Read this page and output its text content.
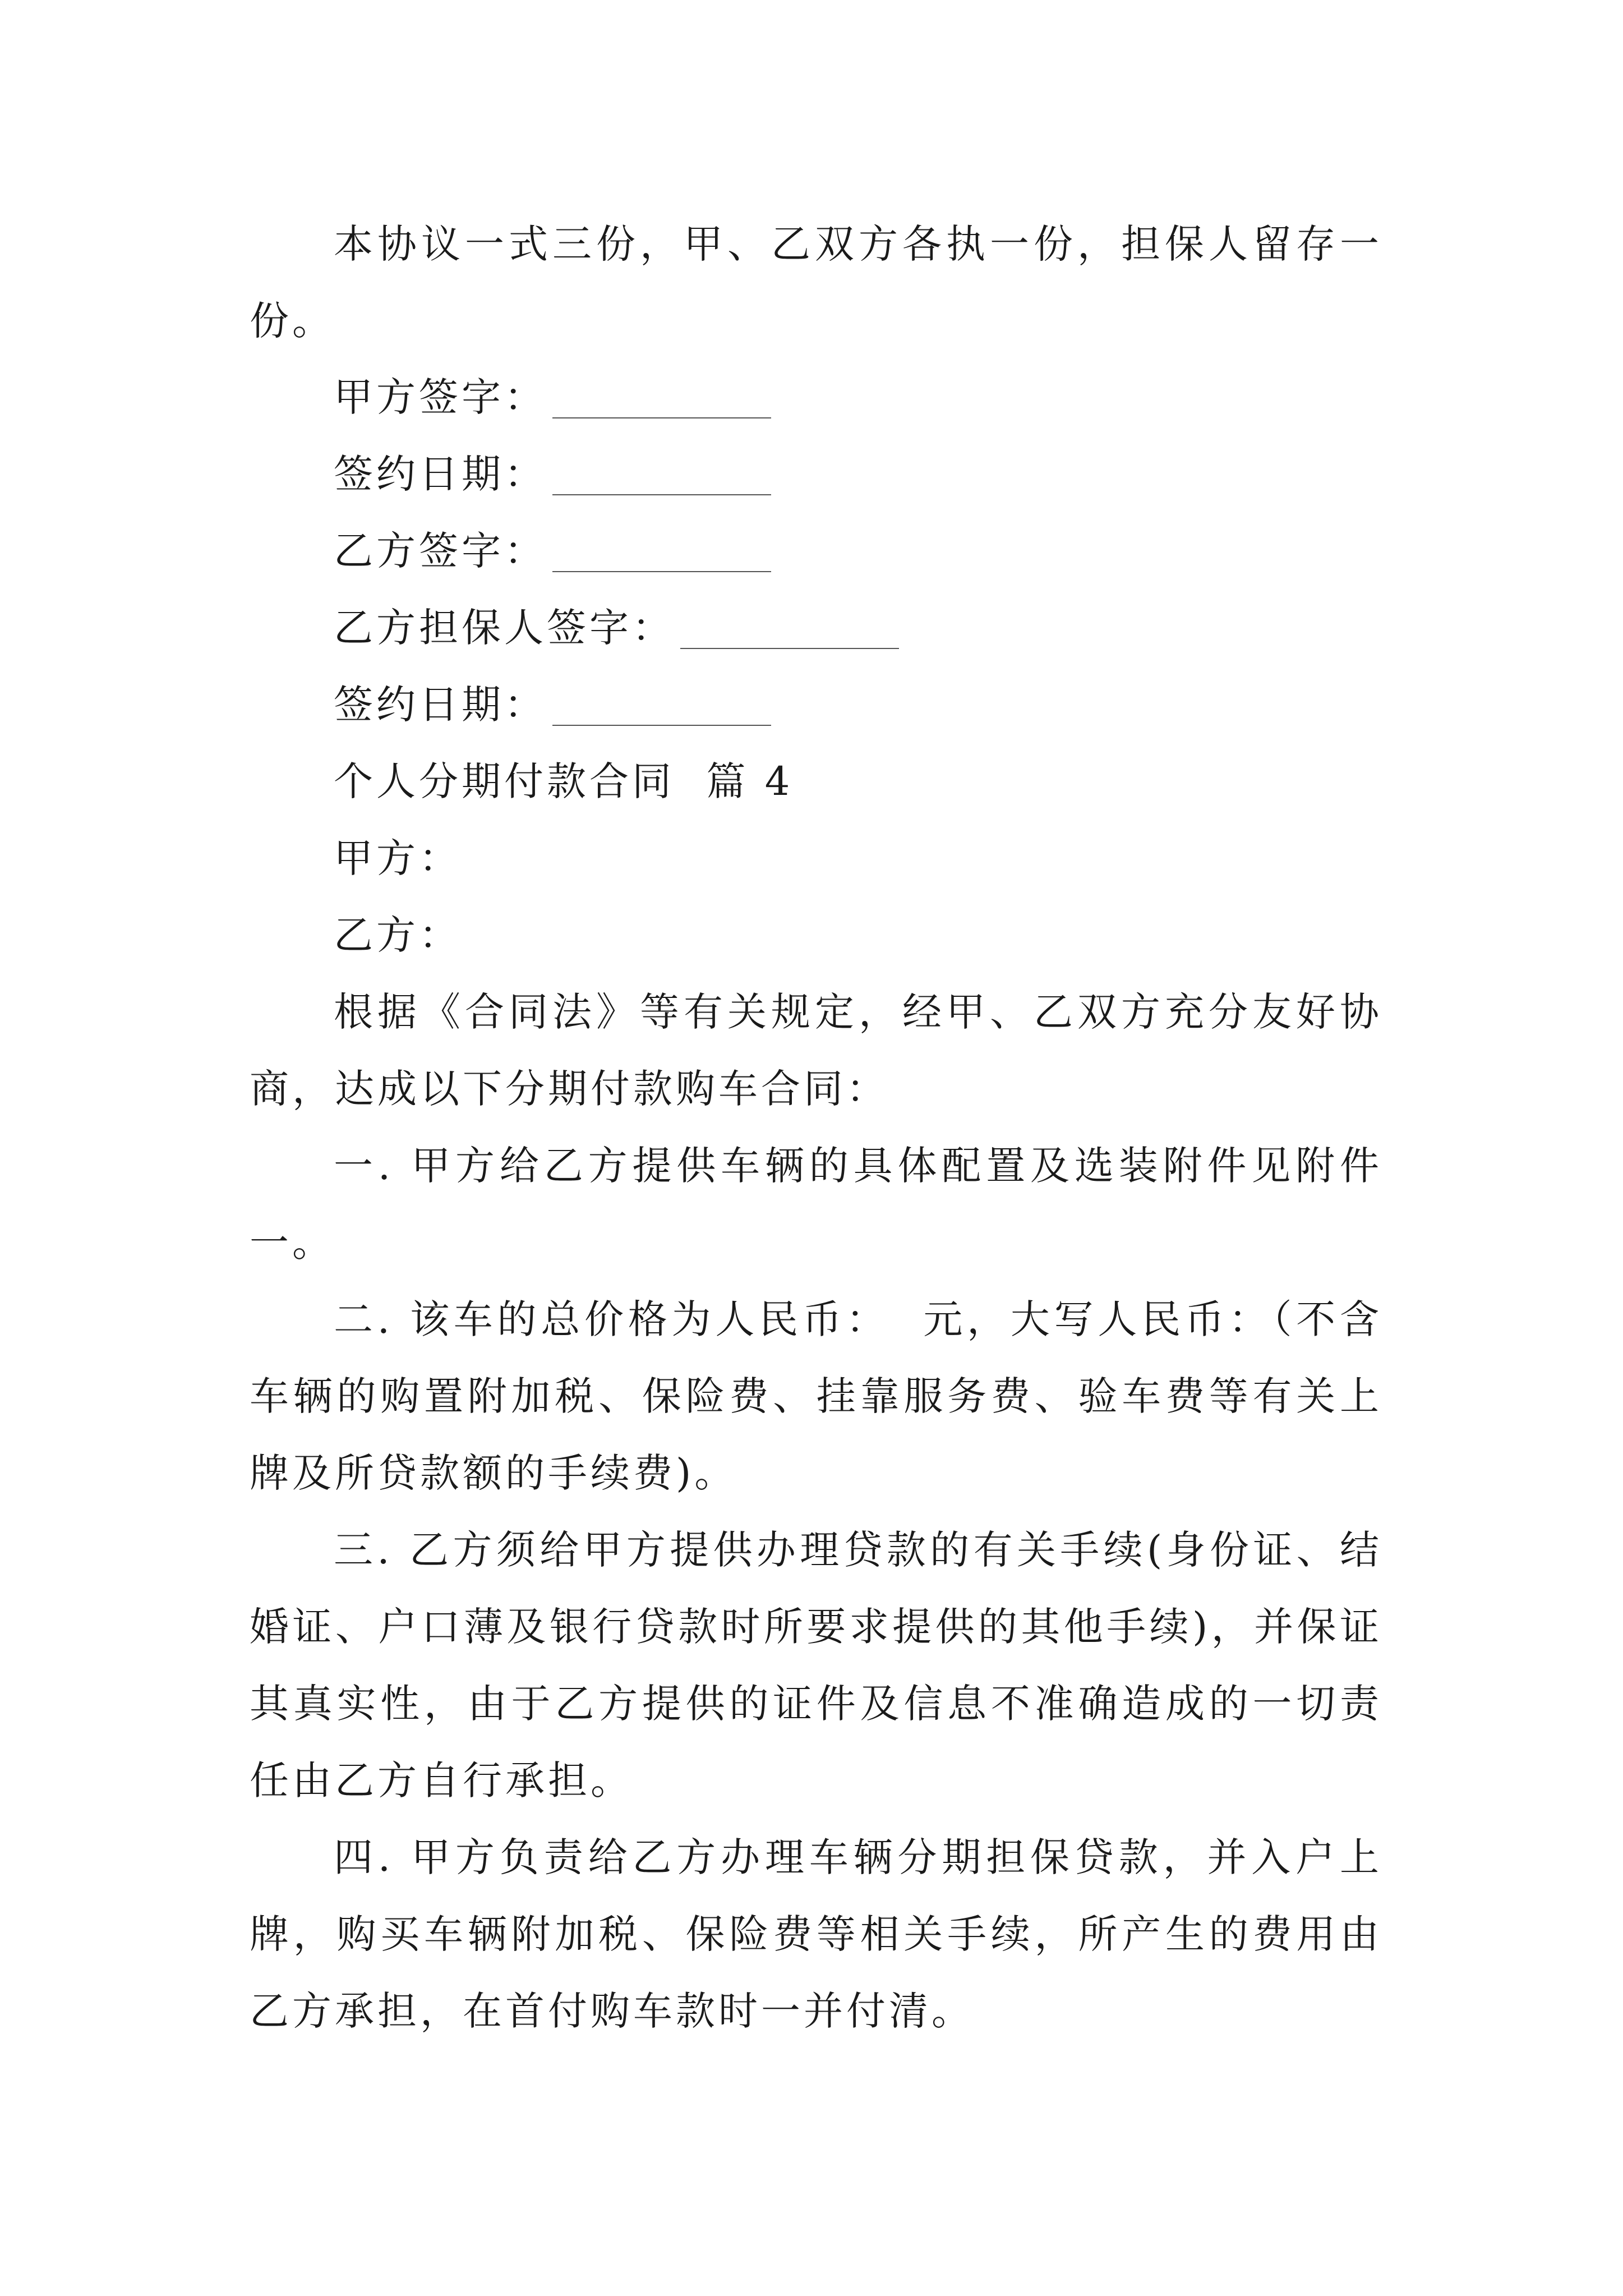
本协议一式三份，甲、乙双方各执一份，担保人留存一份。

甲方签字：
签约日期：
乙方签字：
乙方担保人签字：
签约日期：
个人分期付款合同  篇 4
甲方：
乙方：

根据《合同法》等有关规定，经甲、乙双方充分友好协商，达成以下分期付款购车合同：

一. 甲方给乙方提供车辆的具体配置及选装附件见附件一。

二. 该车的总价格为人民币：  元，大写人民币：（不含车辆的购置附加税、保险费、挂靠服务费、验车费等有关上牌及所贷款额的手续费)。

三. 乙方须给甲方提供办理贷款的有关手续(身份证、结婚证、户口薄及银行贷款时所要求提供的其他手续)，并保证其真实性，由于乙方提供的证件及信息不准确造成的一切责任由乙方自行承担。

四. 甲方负责给乙方办理车辆分期担保贷款，并入户上牌，购买车辆附加税、保险费等相关手续，所产生的费用由乙方承担，在首付购车款时一并付清。
